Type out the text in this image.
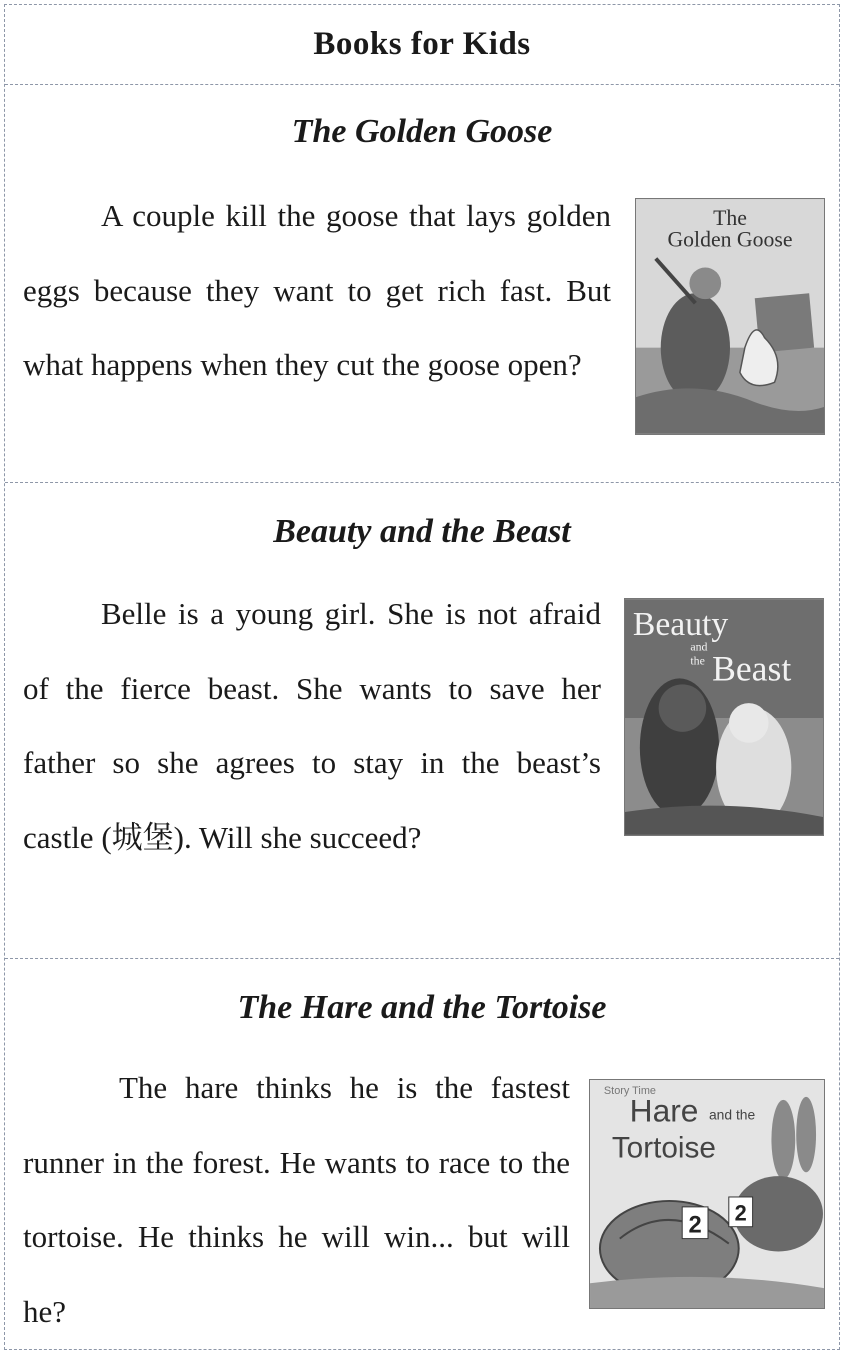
Books for Kids
The Golden Goose

A couple kill the goose that lays golden eggs because they want to get rich fast. But what happens when they cut the goose open?

The
Golden Goose
Beauty and the Beast

Belle is a young girl. She is not afraid of the fierce beast. She wants to save her father so she agrees to stay in the beast’s castle (城堡). Will she succeed?

Beauty
and
the Beast
The Hare and the Tortoise

The hare thinks he is the fastest runner in the forest. He wants to race to the tortoise. He thinks he will win... but will he?

2 2
Story Time
Hare and the
Tortoise
